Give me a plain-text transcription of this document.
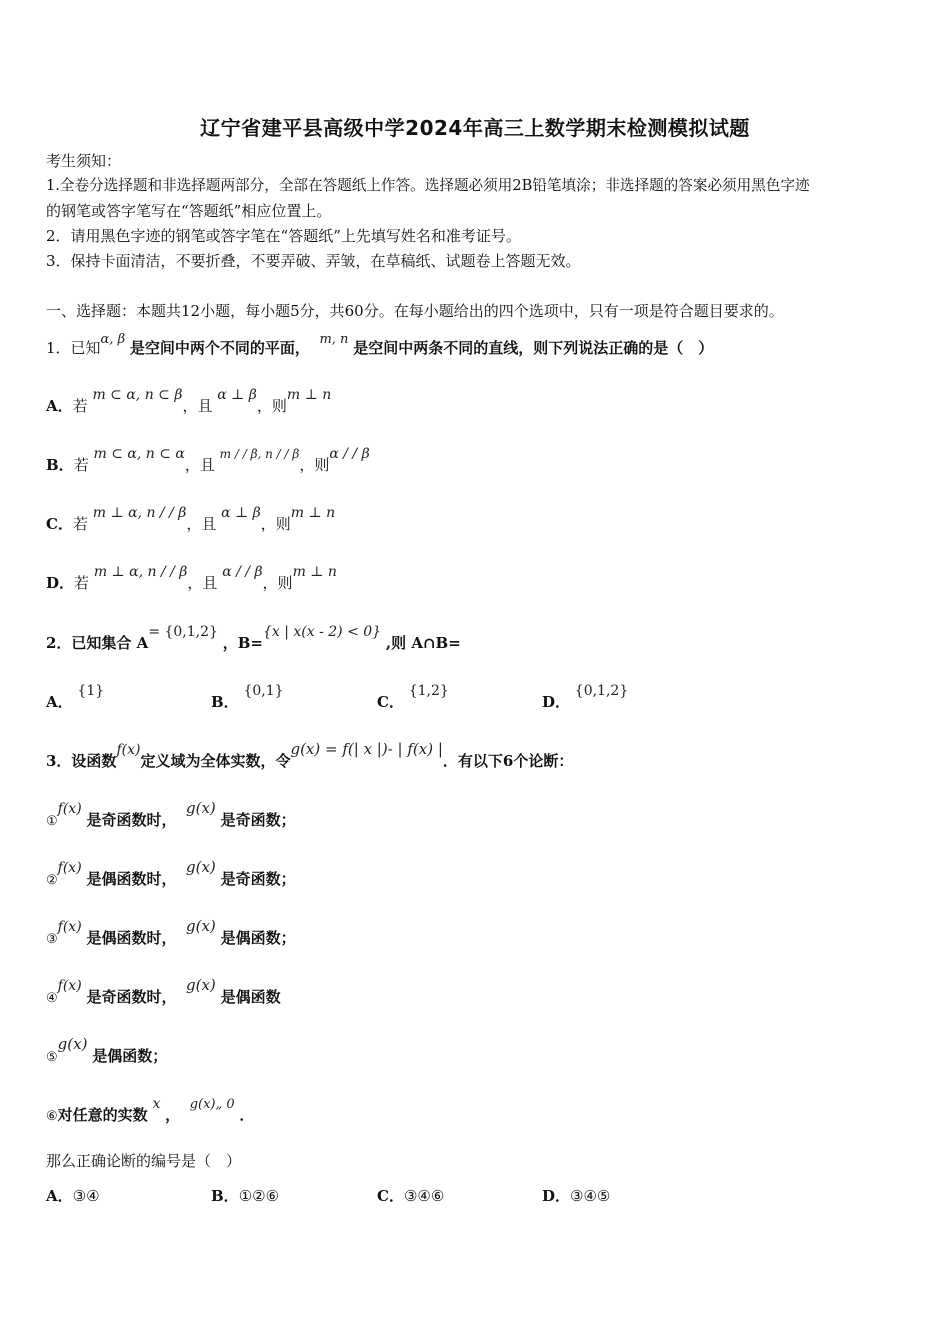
辽宁省建平县高级中学2024年高三上数学期末检测模拟试题
考生须知：
1.全卷分选择题和非选择题两部分，全部在答题纸上作答。选择题必须用2B铅笔填涂；非选择题的答案必须用黑色字迹
的钢笔或答字笔写在“答题纸”相应位置上。
2．请用黑色字迹的钢笔或答字笔在“答题纸”上先填写姓名和准考证号。
3．保持卡面清洁，不要折叠，不要弄破、弄皱，在草稿纸、试题卷上答题无效。
一、选择题：本题共12小题，每小题5分，共60分。在每小题给出的四个选项中，只有一项是符合题目要求的。
1．已知α, β 是空间中两个不同的平面， m, n 是空间中两条不同的直线，则下列说法正确的是（　）
A．若 m ⊂ α, n ⊂ β，且 α ⊥ β，则m ⊥ n
B．若 m ⊂ α, n ⊂ α，且 $^{m / / \beta, n / / \beta}$，则α / / β
C．若 m ⊥ α, n / / β，且 α ⊥ β，则m ⊥ n
D．若 m ⊥ α, n / / β，且 α / / β，则m ⊥ n
2．已知集合 A= {0,1,2} ，B={x | x(x - 2) < 0} ,则 A∩B=
A． {1}
B． {0,1}
C． {1,2}
D． {0,1,2}
3．设函数f(x)定义域为全体实数，令g(x) = f(| x |)- | f(x) |．有以下6个论断：
①f(x) 是奇函数时，  g(x) 是奇函数；
②f(x) 是偶函数时，  g(x) 是奇函数；
③f(x) 是偶函数时，  g(x) 是偶函数；
④f(x) 是奇函数时，  g(x) 是偶函数
⑤g(x) 是偶函数；
⑥对任意的实数 x ，  g(x)„ 0 ．
那么正确论断的编号是（　）
A．③④	B．①②⑥	C．③④⑥	D．③④⑤
